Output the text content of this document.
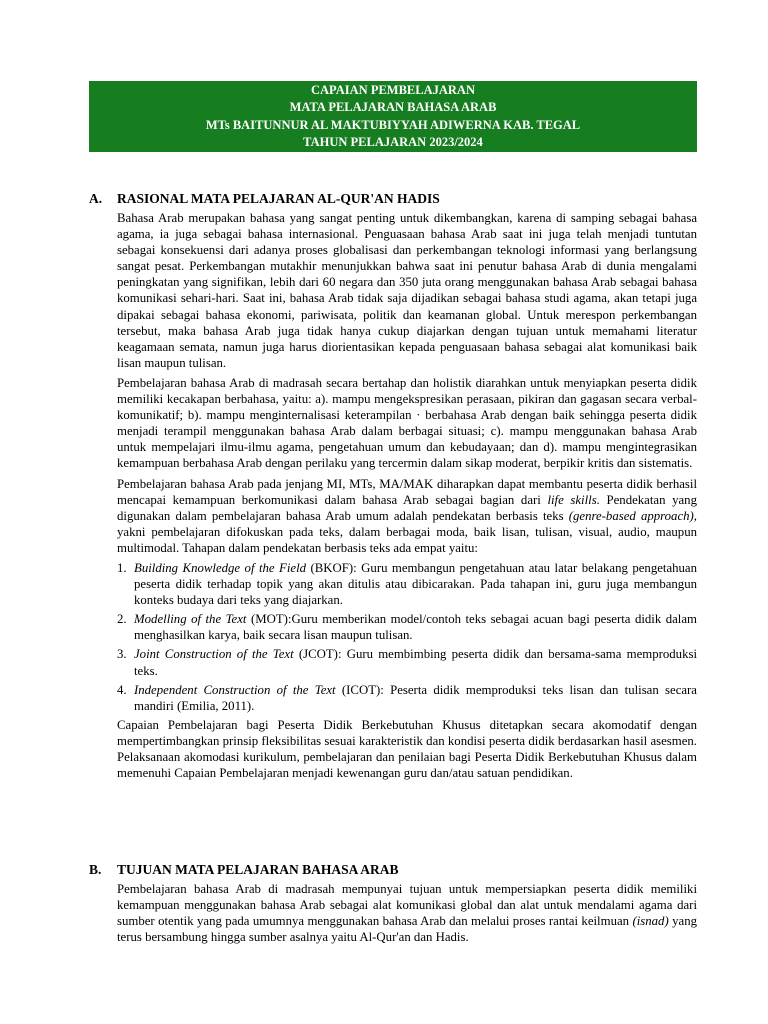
CAPAIAN PEMBELAJARAN
MATA PELAJARAN BAHASA ARAB
MTs BAITUNNUR AL MAKTUBIYYAH ADIWERNA KAB. TEGAL
TAHUN PELAJARAN 2023/2024
A. RASIONAL MATA PELAJARAN AL-QUR'AN HADIS

Bahasa Arab merupakan bahasa yang sangat penting untuk dikembangkan, karena di samping sebagai bahasa agama, ia juga sebagai bahasa internasional. Penguasaan bahasa Arab saat ini juga telah menjadi tuntutan sebagai konsekuensi dari adanya proses globalisasi dan perkembangan teknologi informasi yang berlangsung sangat pesat. Perkembangan mutakhir menunjukkan bahwa saat ini penutur bahasa Arab di dunia mengalami peningkatan yang signifikan, lebih dari 60 negara dan 350 juta orang menggunakan bahasa Arab sebagai bahasa komunikasi sehari-hari. Saat ini, bahasa Arab tidak saja dijadikan sebagai bahasa studi agama, akan tetapi juga dipakai sebagai bahasa ekonomi, pariwisata, politik dan keamanan global. Untuk merespon perkembangan tersebut, maka bahasa Arab juga tidak hanya cukup diajarkan dengan tujuan untuk memahami literatur keagamaan semata, namun juga harus diorientasikan kepada penguasaan bahasa sebagai alat komunikasi baik lisan maupun tulisan.

Pembelajaran bahasa Arab di madrasah secara bertahap dan holistik diarahkan untuk menyiapkan peserta didik memiliki kecakapan berbahasa, yaitu: a). mampu mengekspresikan perasaan, pikiran dan gagasan secara verbal-komunikatif; b). mampu menginternalisasi keterampilan · berbahasa Arab dengan baik sehingga peserta didik menjadi terampil menggunakan bahasa Arab dalam berbagai situasi; c). mampu menggunakan bahasa Arab untuk mempelajari ilmu-ilmu agama, pengetahuan umum dan kebudayaan; dan d). mampu mengintegrasikan kemampuan berbahasa Arab dengan perilaku yang tercermin dalam sikap moderat, berpikir kritis dan sistematis.

Pembelajaran bahasa Arab pada jenjang MI, MTs, MA/MAK diharapkan dapat membantu peserta didik berhasil mencapai kemampuan berkomunikasi dalam bahasa Arab sebagai bagian dari life skills. Pendekatan yang digunakan dalam pembelajaran bahasa Arab umum adalah pendekatan berbasis teks (genre-based approach), yakni pembelajaran difokuskan pada teks, dalam berbagai moda, baik lisan, tulisan, visual, audio, maupun multimodal. Tahapan dalam pendekatan berbasis teks ada empat yaitu:

1. Building Knowledge of the Field (BKOF): Guru membangun pengetahuan atau latar belakang pengetahuan peserta didik terhadap topik yang akan ditulis atau dibicarakan. Pada tahapan ini, guru juga membangun konteks budaya dari teks yang diajarkan.
2. Modelling of the Text (MOT):Guru memberikan model/contoh teks sebagai acuan bagi peserta didik dalam menghasilkan karya, baik secara lisan maupun tulisan.
3. Joint Construction of the Text (JCOT): Guru membimbing peserta didik dan bersama-sama memproduksi teks.
4. Independent Construction of the Text (ICOT): Peserta didik memproduksi teks lisan dan tulisan secara mandiri (Emilia, 2011).

Capaian Pembelajaran bagi Peserta Didik Berkebutuhan Khusus ditetapkan secara akomodatif dengan mempertimbangkan prinsip fleksibilitas sesuai karakteristik dan kondisi peserta didik berdasarkan hasil asesmen. Pelaksanaan akomodasi kurikulum, pembelajaran dan penilaian bagi Peserta Didik Berkebutuhan Khusus dalam memenuhi Capaian Pembelajaran menjadi kewenangan guru dan/atau satuan pendidikan.

B. TUJUAN MATA PELAJARAN BAHASA ARAB

Pembelajaran bahasa Arab di madrasah mempunyai tujuan untuk mempersiapkan peserta didik memiliki kemampuan menggunakan bahasa Arab sebagai alat komunikasi global dan alat untuk mendalami agama dari sumber otentik yang pada umumnya menggunakan bahasa Arab dan melalui proses rantai keilmuan (isnad) yang terus bersambung hingga sumber asalnya yaitu Al-Qur'an dan Hadis.
